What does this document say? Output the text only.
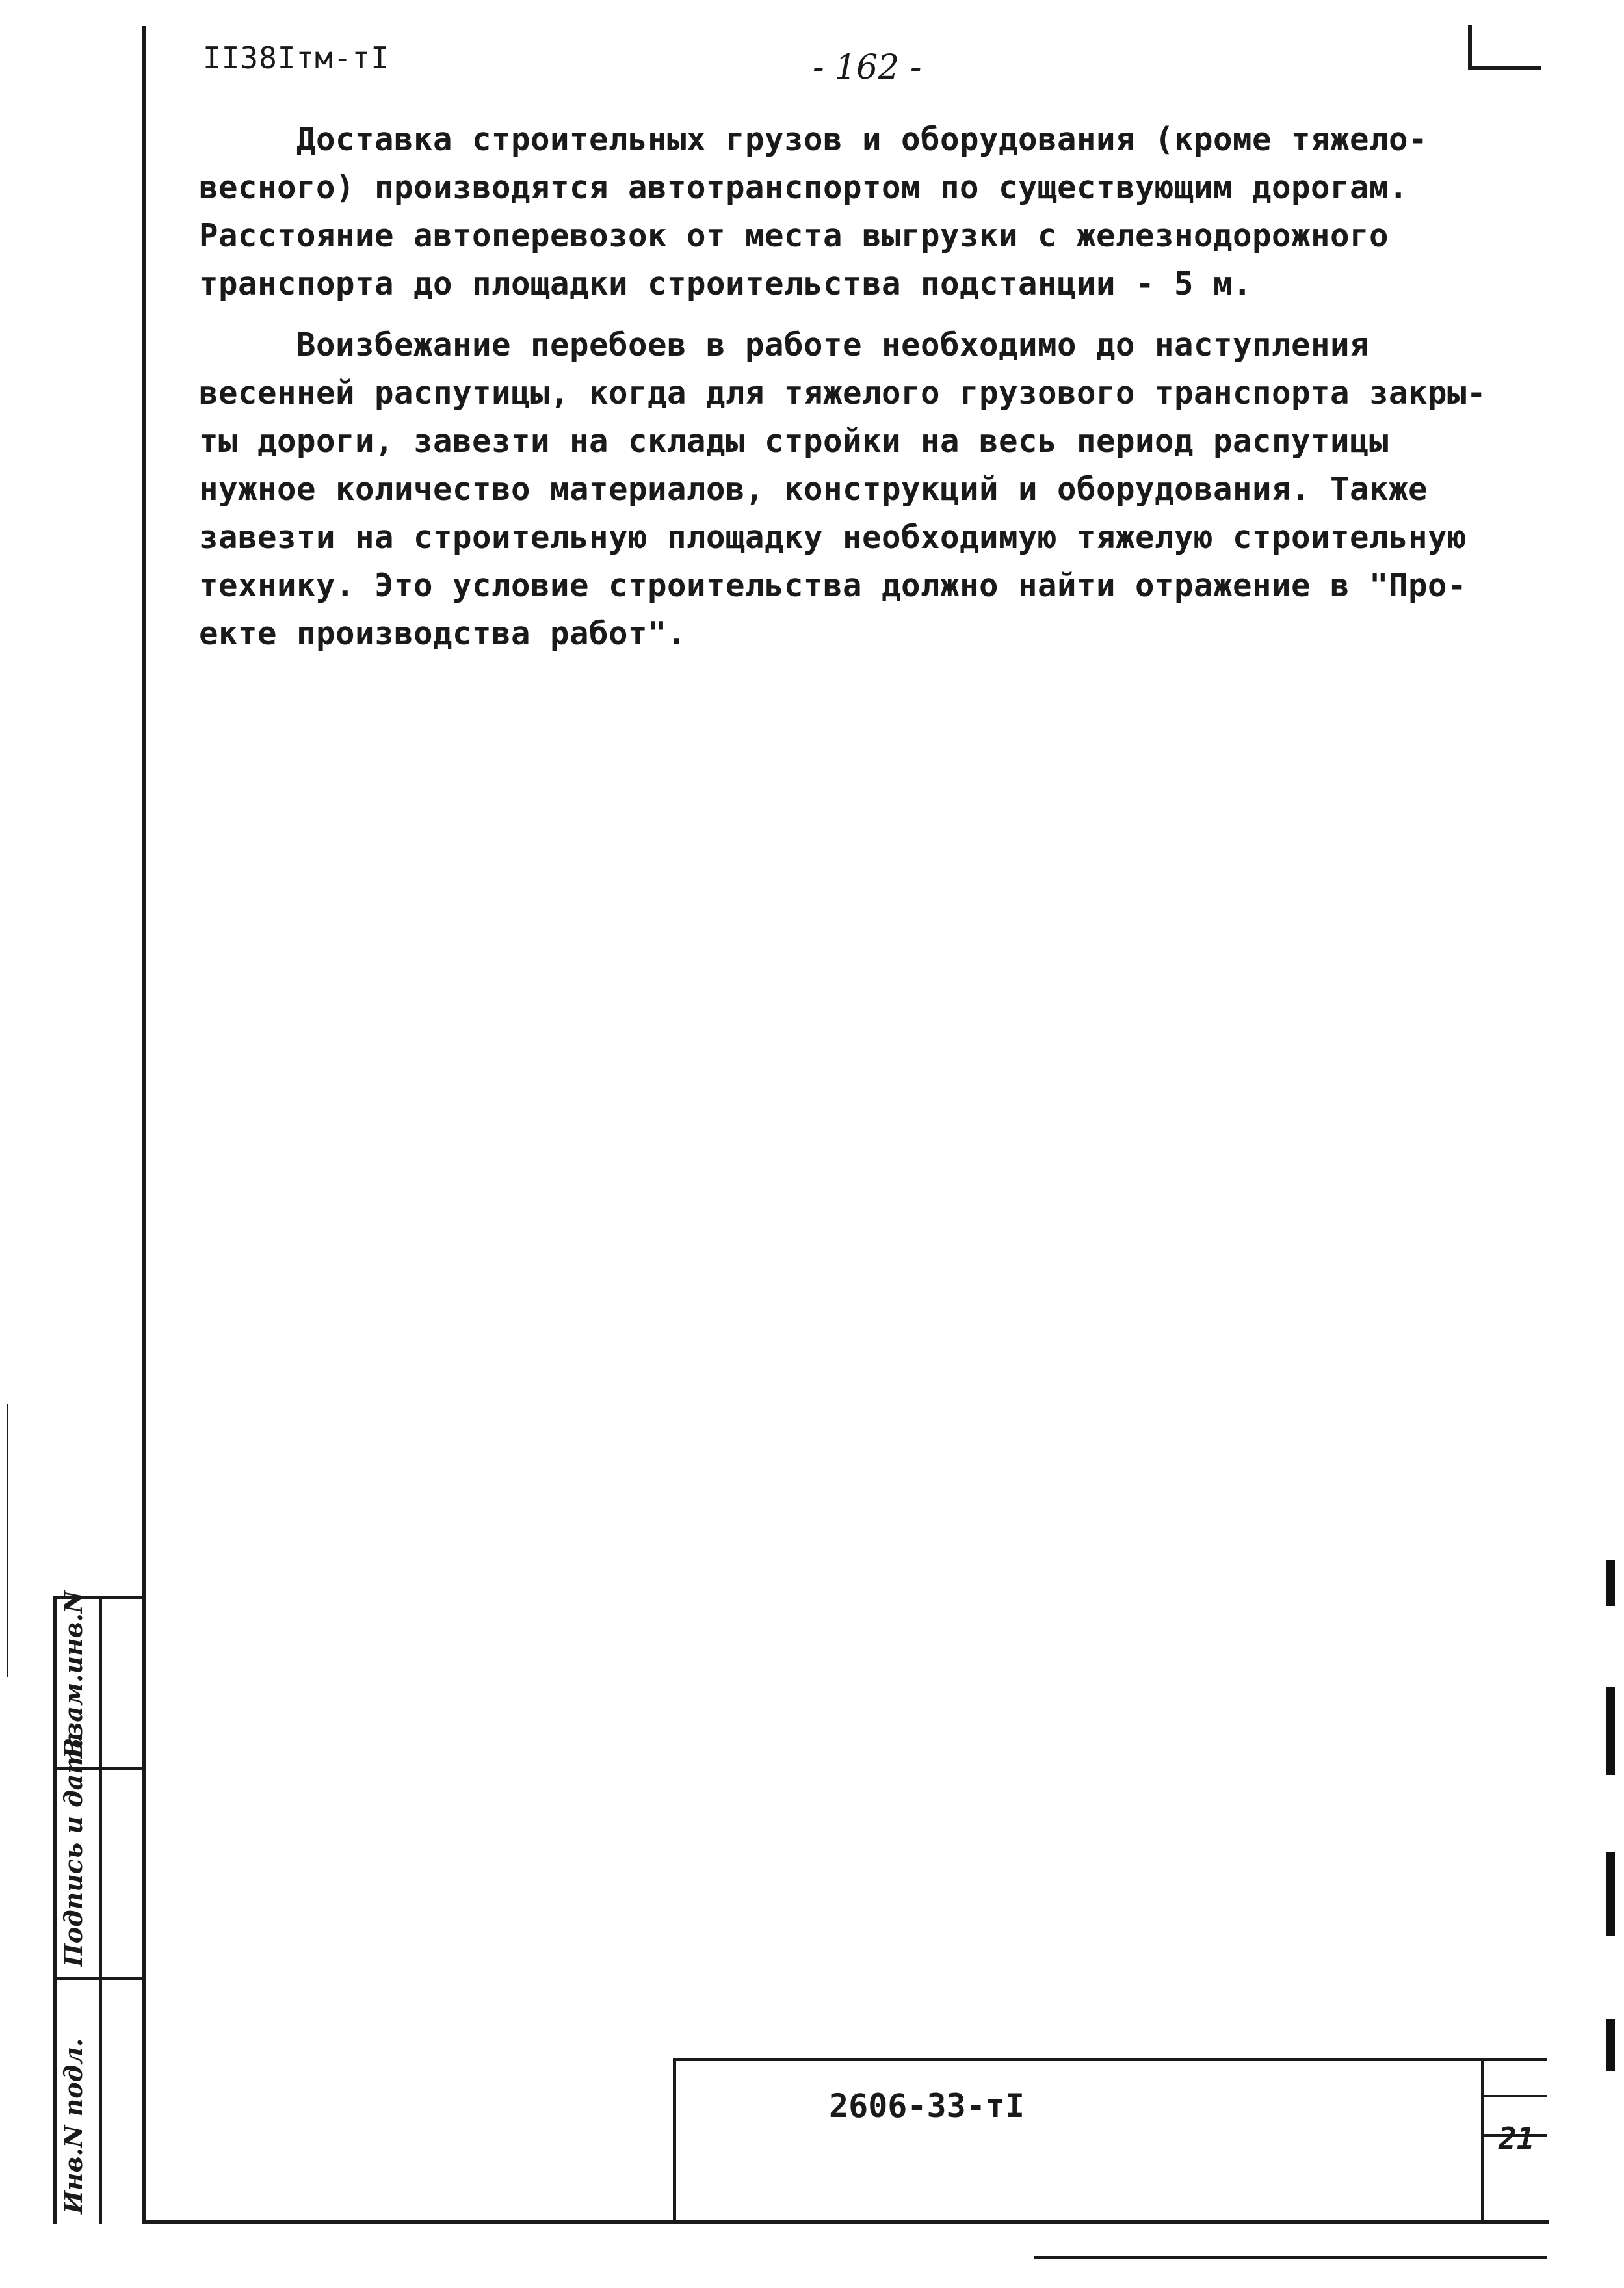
II38Iтм-тI	- 162 -

Доставка строительных грузов и оборудования (кроме тяжело-
весного) производятся автотранспортом по существующим дорогам.
Расстояние автоперевозок от места выгрузки с железнодорожного
транспорта до площадки строительства подстанции - 5 м.

Воизбежание перебоев в работе необходимо до наступления
весенней распутицы, когда для тяжелого грузового транспорта закры-
ты дороги, завезти на склады стройки на весь период распутицы
нужное количество материалов, конструкций и оборудования. Также
завезти на строительную площадку необходимую тяжелую строительную
технику. Это условие строительства должно найти отражение в "Про-
екте производства работ".

Взам.инв.N
Подпись и дата
Инв.N подл.	2606-33-тI
21
